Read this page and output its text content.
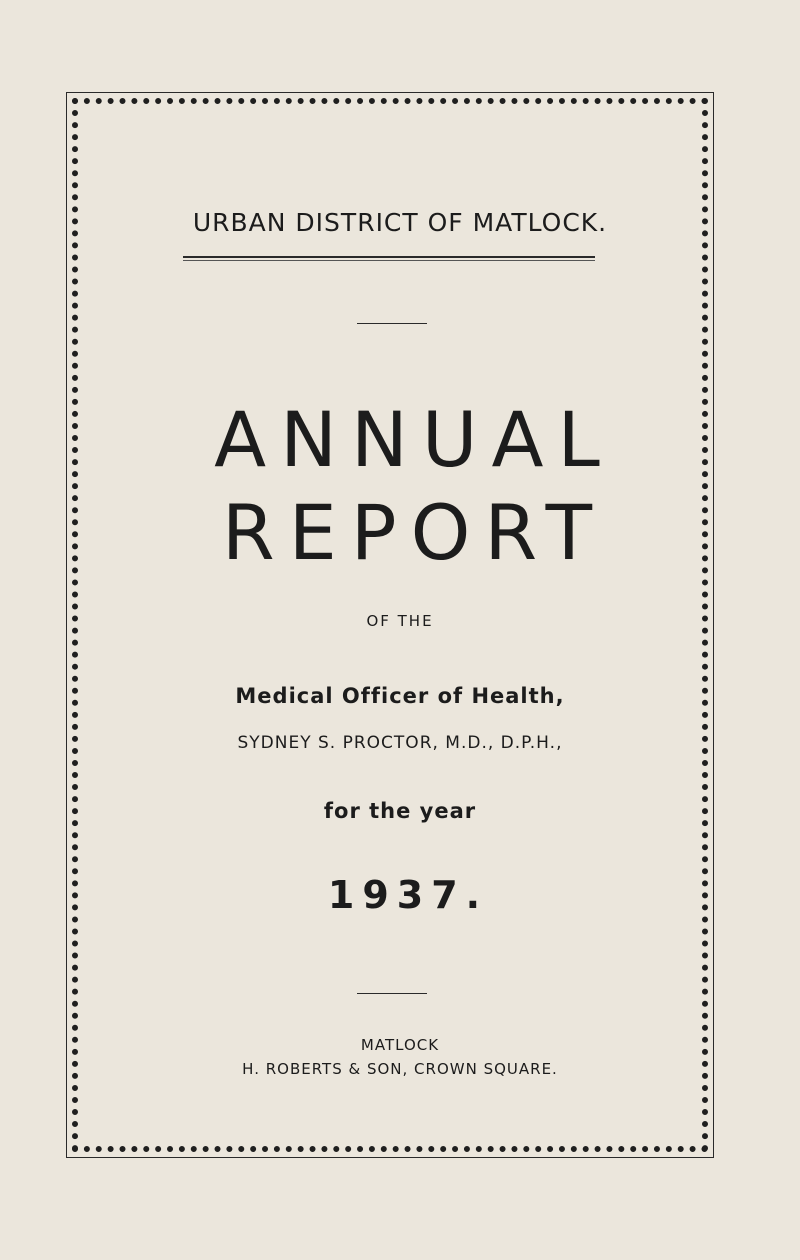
URBAN DISTRICT OF MATLOCK.
ANNUAL
REPORT
OF THE
Medical Officer of Health,
SYDNEY S. PROCTOR, M.D., D.P.H.,
for the year
1937.
MATLOCK
H. ROBERTS & SON, CROWN SQUARE.
